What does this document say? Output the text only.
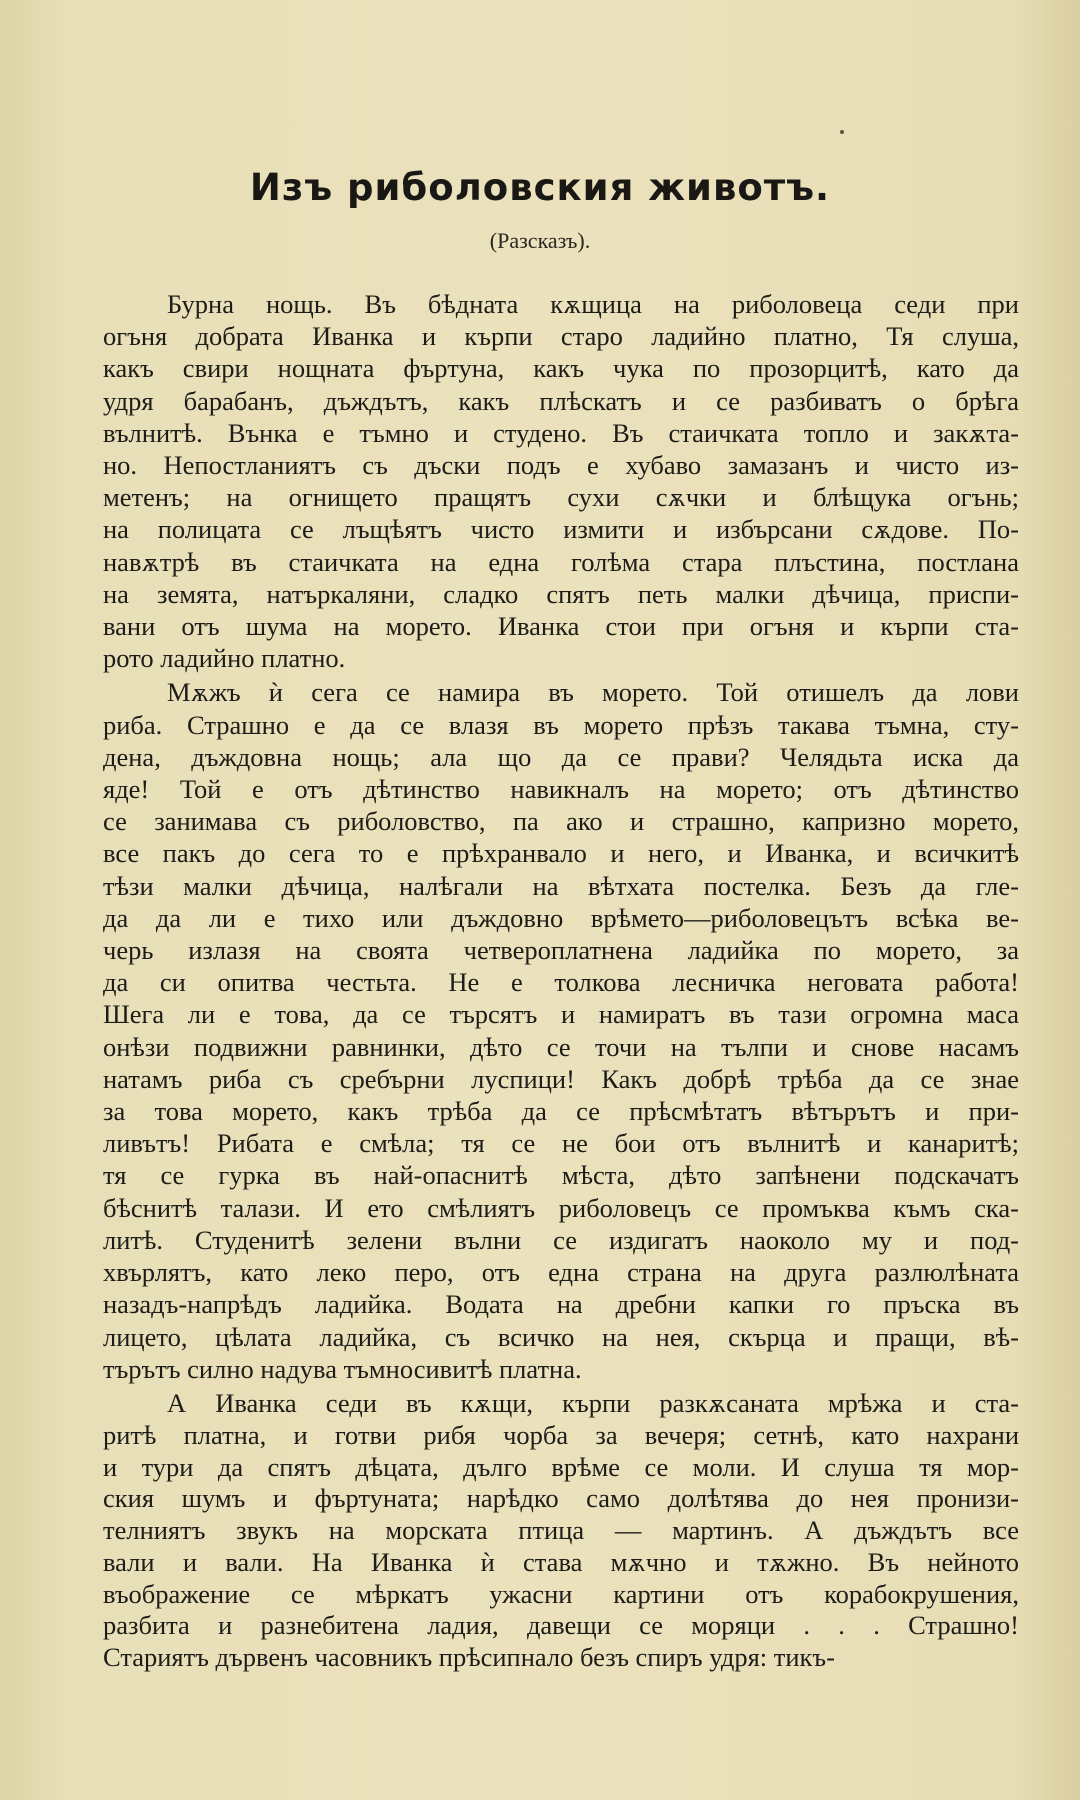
Изъ риболовския животъ.
(Разсказъ).
Бурна нощь. Въ бѣдната кѫщица на риболовеца седи при
огъня добрата Иванка и кърпи старо ладийно платно, Тя слуша,
какъ свири нощната фъртуна, какъ чука по прозорцитѣ, като да
удря барабанъ, дъждътъ, какъ плѣскатъ и се разбиватъ о брѣга
вълнитѣ. Вънка е тъмно и студено. Въ стаичката топло и закѫта-
но. Непостланиятъ съ дъски подъ е хубаво замазанъ и чисто из-
метенъ; на огнището пращятъ сухи сѫчки и блѣщука огънь;
на полицата се лъщѣятъ чисто измити и избърсани сѫдове. По-
навѫтрѣ въ стаичката на една голѣма стара плъстина, постлана
на земята, натъркаляни, сладко спятъ петь малки дѣчица, приспи-
вани отъ шума на морето. Иванка стои при огъня и кърпи ста-
рото ладийно платно.
Мѫжъ ѝ сега се намира въ морето. Той отишелъ да лови
риба. Страшно е да се влазя въ морето прѣзъ такава тъмна, сту-
дена, дъждовна нощь; ала що да се прави? Челядьта иска да
яде! Той е отъ дѣтинство навикналъ на морето; отъ дѣтинство
се занимава съ риболовство, па ако и страшно, капризно морето,
все пакъ до сега то е прѣхранвало и него, и Иванка, и всичкитѣ
тѣзи малки дѣчица, налѣгали на вѣтхата постелка. Безъ да гле-
да да ли е тихо или дъждовно врѣмето—риболовецътъ всѣка ве-
черь излазя на своята четвероплатнена ладийка по морето, за
да си опитва честьта. Не е толкова лесничка неговата работа!
Шега ли е това, да се търсятъ и намиратъ въ тази огромна маса
онѣзи подвижни равнинки, дѣто се точи на тълпи и снове насамъ
натамъ риба съ сребърни луспици! Какъ добрѣ трѣба да се знае
за това морето, какъ трѣба да се прѣсмѣтатъ вѣтърътъ и при-
ливътъ! Рибата е смѣла; тя се не бои отъ вълнитѣ и канаритѣ;
тя се гурка въ най-опаснитѣ мѣста, дѣто запѣнени подскачатъ
бѣснитѣ талази. И ето смѣлиятъ риболовецъ се промъква къмъ ска-
литѣ. Студенитѣ зелени вълни се издигатъ наоколо му и под-
хвърлятъ, като леко перо, отъ една страна на друга разлюлѣната
назадъ-напрѣдъ ладийка. Водата на дребни капки го пръска въ
лицето, цѣлата ладийка, съ всичко на нея, скърца и пращи, вѣ-
търътъ силно надува тъмносивитѣ платна.
А Иванка седи въ кѫщи, кърпи разкѫсаната мрѣжа и ста-
ритѣ платна, и готви рибя чорба за вечеря; сетнѣ, като нахрани
и тури да спятъ дѣцата, дълго врѣме се моли. И слуша тя мор-
ския шумъ и фъртуната; нарѣдко само долѣтява до нея пронизи-
телниятъ звукъ на морската птица — мартинъ. А дъждътъ все
вали и вали. На Иванка ѝ става мѫчно и тѫжно. Въ нейното
въображение се мѣркатъ ужасни картини отъ корабокрушения,
разбита и разнебитена ладия, давещи се моряци . . . Страшно!
Стариятъ дървенъ часовникъ прѣсипнало безъ спиръ удря: тикъ-
